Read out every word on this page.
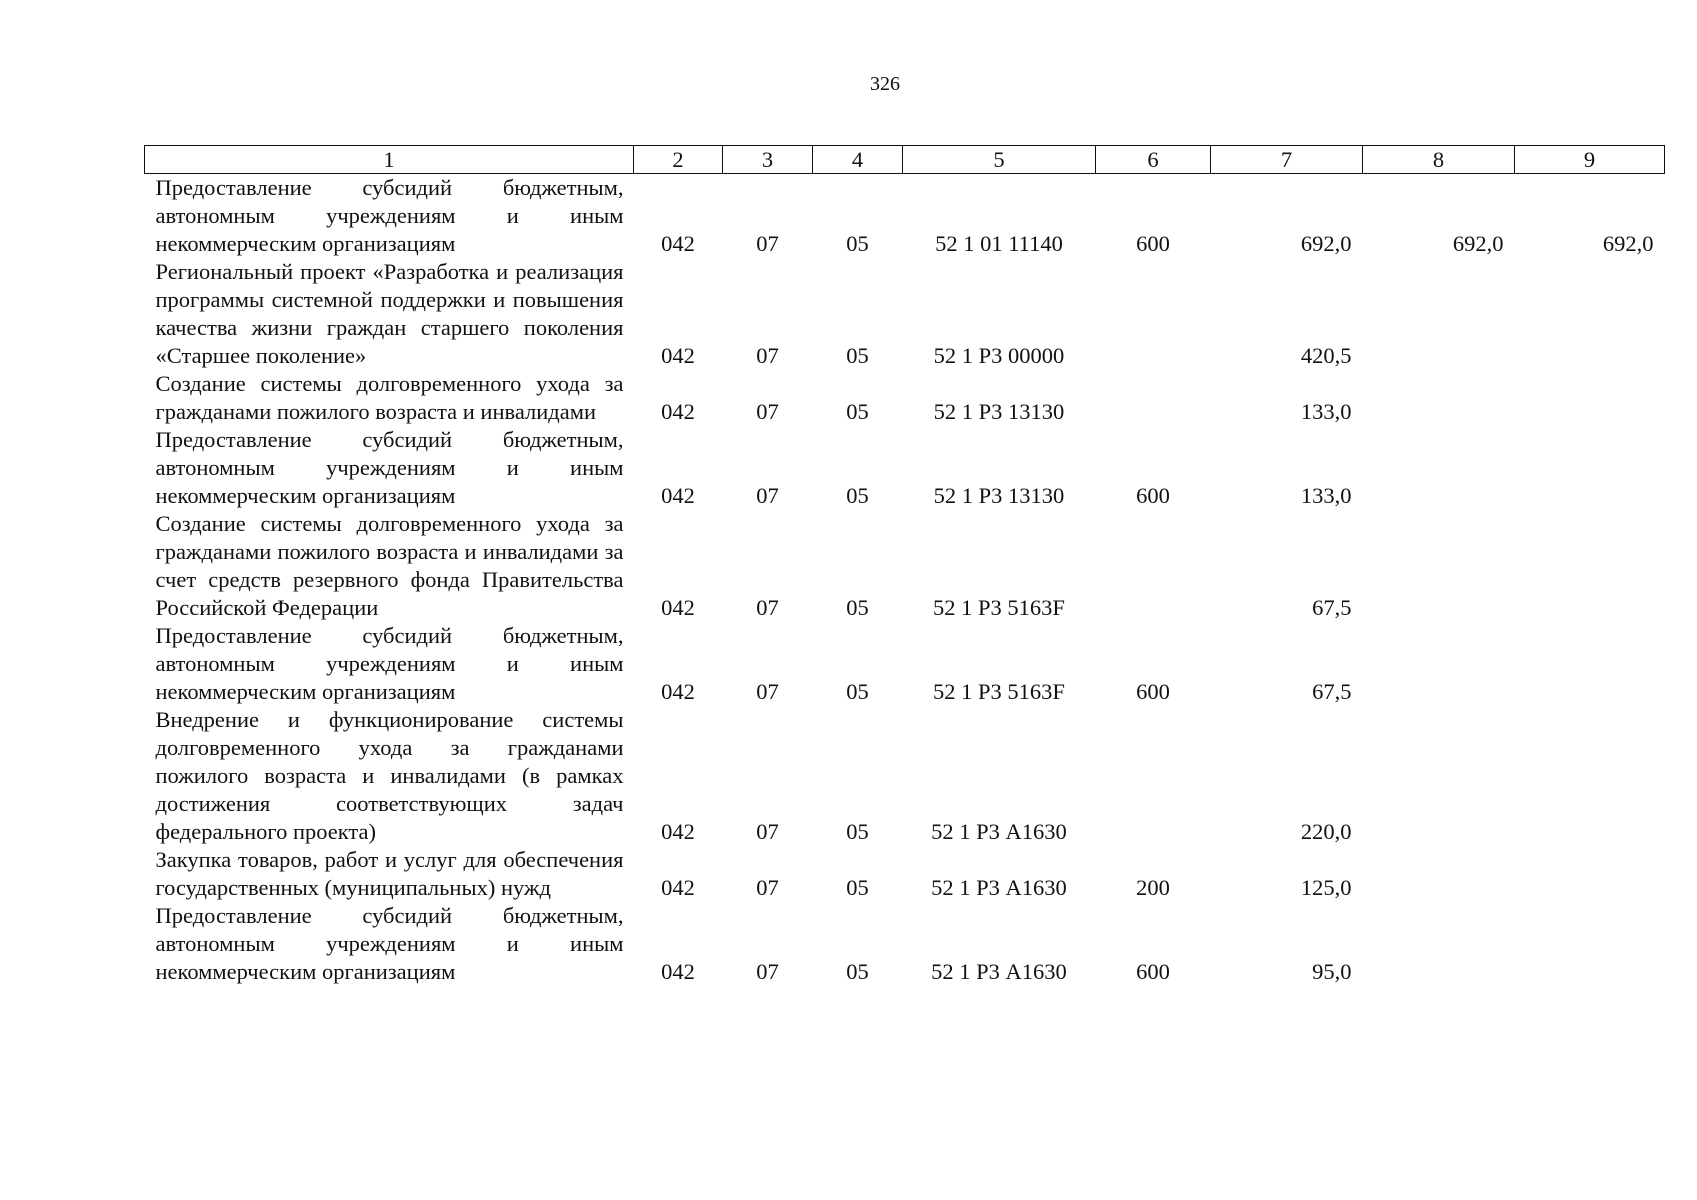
326
1	2	3	4	5	6	7	8	9
Предоставление субсидий бюджетным, автономным учреждениям и иным некоммерческим организациям	042	07	05	52 1 01 11140	600	692,0	692,0	692,0
Региональный проект «Разработка и реализация программы системной поддержки и повышения качества жизни граждан старшего поколения «Старшее поколение»	042	07	05	52 1 Р3 00000		420,5		
Создание системы долговременного ухода за гражданами пожилого возраста и инвалидами	042	07	05	52 1 Р3 13130		133,0		
Предоставление субсидий бюджетным, автономным учреждениям и иным некоммерческим организациям	042	07	05	52 1 Р3 13130	600	133,0		
Создание системы долговременного ухода за гражданами пожилого возраста и инвалидами за счет средств резервного фонда Правительства Российской Федерации	042	07	05	52 1 Р3 5163F		67,5		
Предоставление субсидий бюджетным, автономным учреждениям и иным некоммерческим организациям	042	07	05	52 1 Р3 5163F	600	67,5		
Внедрение и функционирование системы долговременного ухода за гражданами пожилого возраста и инвалидами (в рамках достижения соответствующих задач федерального проекта)	042	07	05	52 1 Р3 А1630		220,0		
Закупка товаров, работ и услуг для обеспечения государственных (муниципальных) нужд	042	07	05	52 1 Р3 А1630	200	125,0		
Предоставление субсидий бюджетным, автономным учреждениям и иным некоммерческим организациям	042	07	05	52 1 Р3 А1630	600	95,0		
